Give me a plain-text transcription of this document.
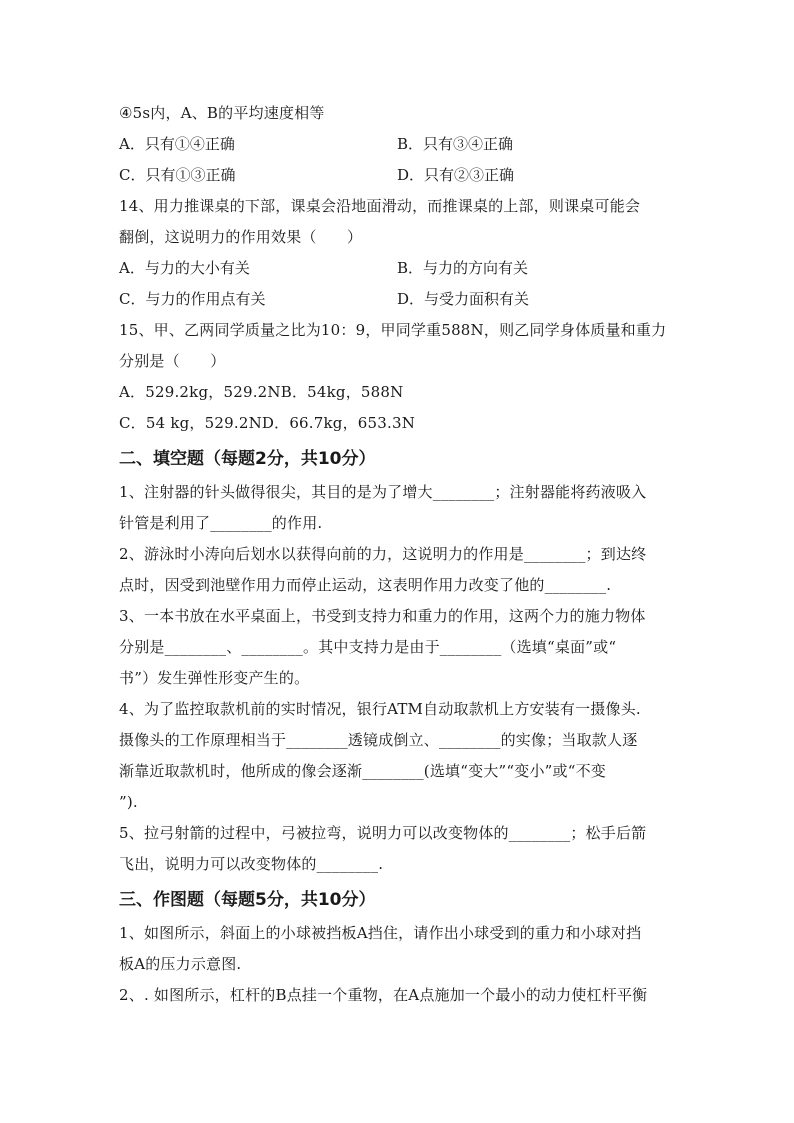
④5s内，A、B的平均速度相等
A．只有①④正确	B．只有③④正确
C．只有①③正确	D．只有②③正确
14、用力推课桌的下部，课桌会沿地面滑动，而推课桌的上部，则课桌可能会
翻倒，这说明力的作用效果（　　）
A．与力的大小有关	B．与力的方向有关
C．与力的作用点有关	D．与受力面积有关
15、甲、乙两同学质量之比为10：9，甲同学重588N，则乙同学身体质量和重力
分别是（　　）
A．529.2kg，529.2NB．54kg，588N
C．54 kg，529.2ND．66.7kg，653.3N
二、填空题（每题2分，共10分）
1、注射器的针头做得很尖，其目的是为了增大________；注射器能将药液吸入
针管是利用了________的作用.
2、游泳时小涛向后划水以获得向前的力，这说明力的作用是________；到达终
点时，因受到池壁作用力而停止运动，这表明作用力改变了他的________.
3、一本书放在水平桌面上，书受到支持力和重力的作用，这两个力的施力物体
分别是________、________。其中支持力是由于________（选填“桌面”或“
书”）发生弹性形变产生的。
4、为了监控取款机前的实时情况，银行ATM自动取款机上方安装有一摄像头.
摄像头的工作原理相当于________透镜成倒立、________的实像；当取款人逐
渐靠近取款机时，他所成的像会逐渐________(选填“变大”“变小”或“不变
”).
5、拉弓射箭的过程中，弓被拉弯，说明力可以改变物体的________；松手后箭
飞出，说明力可以改变物体的________.
三、作图题（每题5分，共10分）
1、如图所示，斜面上的小球被挡板A挡住，请作出小球受到的重力和小球对挡
板A的压力示意图.
2、. 如图所示，杠杆的B点挂一个重物，在A点施加一个最小的动力使杠杆平衡
